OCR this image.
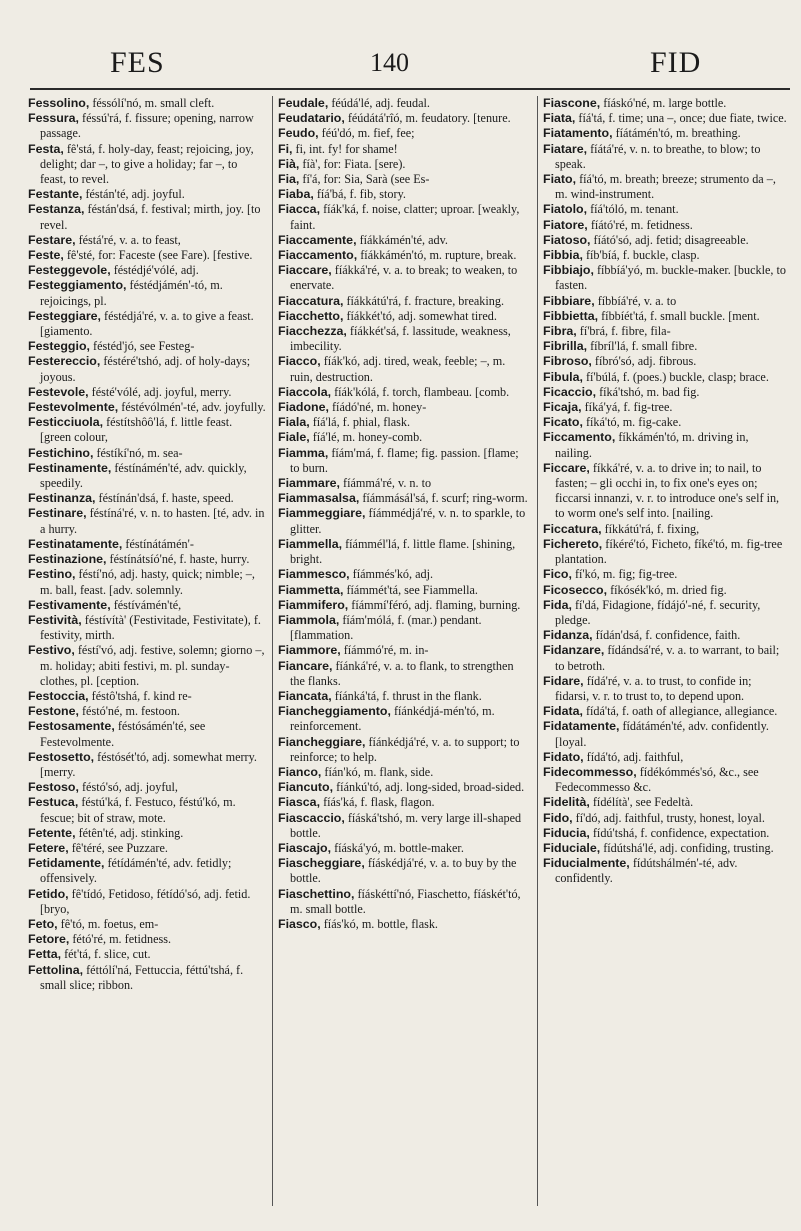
FES	140	FID

Fessolino, féssólí'nó, m. small cleft.

Fessura, féssú'rá, f. fissure; opening, narrow passage.

Festa, fê'stá, f. holy-day, feast; rejoicing, joy, delight; dar –, to give a holiday; far –, to feast, to revel.

Festante, féstán'té, adj. joyful.

Festanza, féstán'dsá, f. festival; mirth, joy. [to revel.

Festare, féstá'ré, v. a. to feast,

Feste, fê'sté, for: Faceste (see Fare). [festive.

Festeggevole, féstédjé'vólé, adj.

Festeggiamento, féstédjámén'-tó, m. rejoicings, pl.

Festeggiare, féstédjá'ré, v. a. to give a feast. [giamento.

Festeggio, féstéd'jó, see Festeg-

Festereccio, féstéré'tshó, adj. of holy-days; joyous.

Festevole, fésté'vólé, adj. joyful, merry.

Festevolmente, féstévólmén'-té, adv. joyfully.

Festicciuola, féstítshôô'lá, f. little feast. [green colour,

Festichino, féstíkí'nó, m. sea-

Festinamente, féstínámén'té, adv. quickly, speedily.

Festinanza, féstínán'dsá, f. haste, speed.

Festinare, féstíná'ré, v. n. to hasten. [té, adv. in a hurry.

Festinatamente, féstínátámén'-

Festinazione, féstínátsíó'né, f. haste, hurry.

Festino, féstí'nó, adj. hasty, quick; nimble; –, m. ball, feast. [adv. solemnly.

Festivamente, féstívámén'té,

Festività, féstívítà' (Festivitade, Festivitate), f. festivity, mirth.

Festivo, féstí'vó, adj. festive, solemn; giorno –, m. holiday; abiti festivi, m. pl. sunday-clothes, pl. [ception.

Festoccia, féstô'tshá, f. kind re-

Festone, féstó'né, m. festoon.

Festosamente, féstósámén'té, see Festevolmente.

Festosetto, féstósét'tó, adj. somewhat merry. [merry.

Festoso, féstó'só, adj. joyful,

Festuca, féstú'ká, f. Festuco, féstú'kó, m. fescue; bit of straw, mote.

Fetente, fétên'té, adj. stinking.

Fetere, fê'téré, see Puzzare.

Fetidamente, fétídámén'té, adv. fetidly; offensively.

Fetido, fê'tídó, Fetidoso, fétídó'só, adj. fetid. [bryo,

Feto, fê'tó, m. foetus, em-

Fetore, fétó'ré, m. fetidness.

Fetta, fét'tá, f. slice, cut.

Fettolina, féttólí'ná, Fettuccia, féttú'tshá, f. small slice; ribbon.

Feudale, féúdá'lé, adj. feudal.

Feudatario, féúdátá'rîó, m. feudatory. [tenure.

Feudo, féú'dó, m. fief, fee;

Fi, fi, int. fy! for shame!

Fià, fíà', for: Fiata. [sere).

Fia, fí'á, for: Sia, Sarà (see Es-

Fiaba, fíá'bá, f. fib, story.

Fiacca, fíák'ká, f. noise, clatter; uproar. [weakly, faint.

Fiaccamente, fíákkámén'té, adv.

Fiaccamento, fíákkámén'tó, m. rupture, break.

Fiaccare, fíákká'ré, v. a. to break; to weaken, to enervate.

Fiaccatura, fíákkátú'rá, f. fracture, breaking.

Fiacchetto, fíákkét'tó, adj. somewhat tired.

Fiacchezza, fíákkét'sá, f. lassitude, weakness, imbecility.

Fiacco, fíák'kó, adj. tired, weak, feeble; –, m. ruin, destruction.

Fiaccola, fíák'kólá, f. torch, flambeau. [comb.

Fiadone, fíádó'né, m. honey-

Fiala, fíá'lá, f. phial, flask.

Fiale, fíá'lé, m. honey-comb.

Fiamma, fíám'má, f. flame; fig. passion. [flame; to burn.

Fiammare, fíámmá'ré, v. n. to

Fiammasalsa, fíámmásál'sá, f. scurf; ring-worm.

Fiammeggiare, fíámmédjá'ré, v. n. to sparkle, to glitter.

Fiammella, fíámmél'lá, f. little flame. [shining, bright.

Fiammesco, fíámmés'kó, adj.

Fiammetta, fíámmét'tá, see Fiammella.

Fiammifero, fíámmí'féró, adj. flaming, burning.

Fiammola, fíám'mólá, f. (mar.) pendant. [flammation.

Fiammore, fíámmó'ré, m. in-

Fiancare, fíánká'ré, v. a. to flank, to strengthen the flanks.

Fiancata, fíánká'tá, f. thrust in the flank.

Fiancheggiamento, fíánkédjá-mén'tó, m. reinforcement.

Fiancheggiare, fíánkédjá'ré, v. a. to support; to reinforce; to help.

Fianco, fíán'kó, m. flank, side.

Fiancuto, fíánkú'tó, adj. long-sided, broad-sided.

Fiasca, fíás'ká, f. flask, flagon.

Fiascaccio, fíáská'tshó, m. very large ill-shaped bottle.

Fiascajo, fíáská'yó, m. bottle-maker.

Fiascheggiare, fíáskédjá'ré, v. a. to buy by the bottle.

Fiaschettino, fíáskéttí'nó, Fiaschetto, fíáskét'tó, m. small bottle.

Fiasco, fíás'kó, m. bottle, flask.

Fiascone, fíáskó'né, m. large bottle.

Fiata, fíá'tá, f. time; una –, once; due fiate, twice.

Fiatamento, fíátámén'tó, m. breathing.

Fiatare, fíátá'ré, v. n. to breathe, to blow; to speak.

Fiato, fíá'tó, m. breath; breeze; strumento da –, m. wind-instrument.

Fiatolo, fíá'tóló, m. tenant.

Fiatore, fíátó'ré, m. fetidness.

Fiatoso, fíátó'só, adj. fetid; disagreeable.

Fibbia, fíb'bíá, f. buckle, clasp.

Fibbiajo, fíbbíá'yó, m. buckle-maker. [buckle, to fasten.

Fibbiare, fíbbíá'ré, v. a. to

Fibbietta, fíbbíét'tá, f. small buckle. [ment.

Fibra, fí'brá, f. fibre, fila-

Fibrilla, fíbríl'lá, f. small fibre.

Fibroso, fíbró'só, adj. fibrous.

Fibula, fí'búlá, f. (poes.) buckle, clasp; brace.

Ficaccio, fíká'tshó, m. bad fig.

Ficaja, fíká'yá, f. fig-tree.

Ficato, fíká'tó, m. fig-cake.

Ficcamento, fíkkámén'tó, m. driving in, nailing.

Ficcare, fíkká'ré, v. a. to drive in; to nail, to fasten; – gli occhi in, to fix one's eyes on; ficcarsi innanzi, v. r. to introduce one's self in, to worm one's self into. [nailing.

Ficcatura, fíkkátú'rá, f. fixing,

Fichereto, fíkéré'tó, Ficheto, fíké'tó, m. fig-tree plantation.

Fico, fí'kó, m. fig; fig-tree.

Ficosecco, fíkósék'kó, m. dried fig.

Fida, fí'dá, Fidagione, fídájó'-né, f. security, pledge.

Fidanza, fídán'dsá, f. confidence, faith.

Fidanzare, fídándsá'ré, v. a. to warrant, to bail; to betroth.

Fidare, fídá'ré, v. a. to trust, to confide in; fidarsi, v. r. to trust to, to depend upon.

Fidata, fídá'tá, f. oath of allegiance, allegiance.

Fidatamente, fídátámén'té, adv. confidently. [loyal.

Fidato, fídá'tó, adj. faithful,

Fidecommesso, fídékómmés'só, &c., see Fedecommesso &c.

Fidelità, fídélítà', see Fedeltà.

Fido, fí'dó, adj. faithful, trusty, honest, loyal.

Fiducia, fídú'tshá, f. confidence, expectation.

Fiduciale, fídútshá'lé, adj. confiding, trusting.

Fiducialmente, fídútshálmén'-té, adv. confidently.
